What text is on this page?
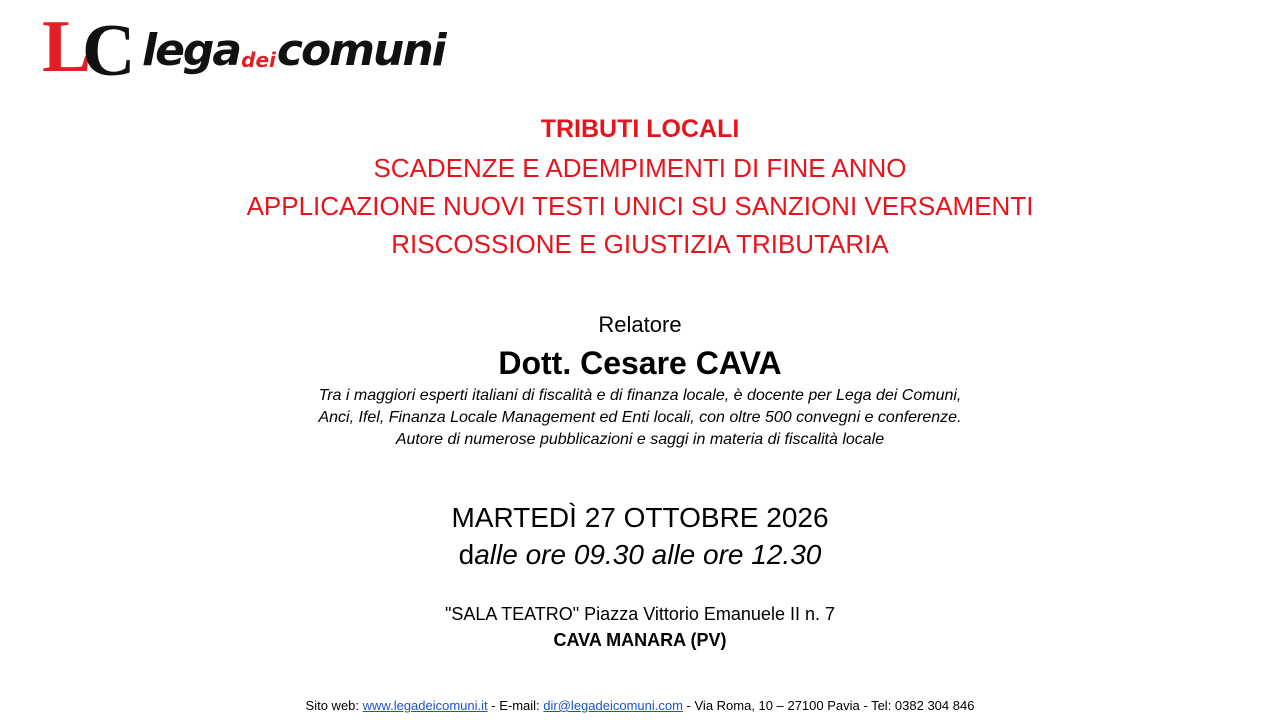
L
C legadeicomuni
TRIBUTI LOCALI
SCADENZE E ADEMPIMENTI DI FINE ANNO
APPLICAZIONE NUOVI TESTI UNICI SU SANZIONI VERSAMENTI
RISCOSSIONE E GIUSTIZIA TRIBUTARIA
Relatore
Dott. Cesare CAVA
Tra i maggiori esperti italiani di fiscalità e di finanza locale, è docente per Lega dei Comuni,
Anci, Ifel, Finanza Locale Management ed Enti locali, con oltre 500 convegni e conferenze.
Autore di numerose pubblicazioni e saggi in materia di fiscalità locale
MARTEDÌ 27 OTTOBRE 2026
dalle ore 09.30 alle ore 12.30
"SALA TEATRO" Piazza Vittorio Emanuele II n. 7
CAVA MANARA (PV)
Sito web: www.legadeicomuni.it - E-mail: dir@legadeicomuni.com - Via Roma, 10 – 27100 Pavia - Tel: 0382 304 846
